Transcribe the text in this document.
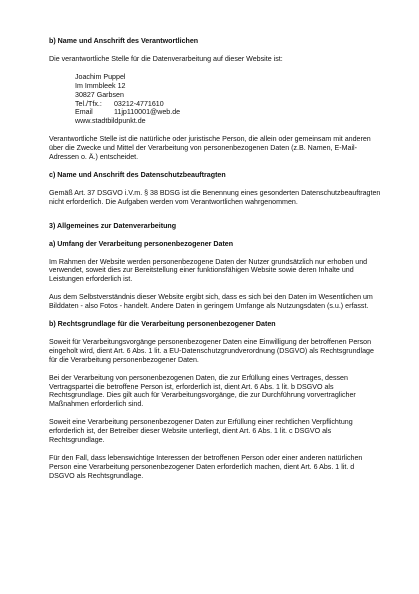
b) Name und Anschrift des Verantwortlichen

Die verantwortliche Stelle für die Datenverarbeitung auf dieser Website ist:

Joachim Puppel
Im Immbleek 12
30827 Garbsen
Tel./Tfx.: 03212-4771610
Email	11jp110001@web.de
www.stadtbildpunkt.de

Verantwortliche Stelle ist die natürliche oder juristische Person, die allein oder gemeinsam mit anderen über die Zwecke und Mittel der Verarbeitung von personenbezogenen Daten (z.B. Namen, E-Mail-Adressen o. Ä.) entscheidet.

c) Name und Anschrift des Datenschutzbeauftragten

Gemäß Art. 37 DSGVO i.V.m. § 38 BDSG ist die Benennung eines gesonderten Datenschutzbeauftragten nicht erforderlich. Die Aufgaben werden vom Verantwortlichen wahrgenommen.

3) Allgemeines zur Datenverarbeitung
a) Umfang der Verarbeitung personenbezogener Daten

Im Rahmen der Website werden personenbezogene Daten der Nutzer grundsätzlich nur erhoben und verwendet, soweit dies zur Bereitstellung einer funktionsfähigen Website sowie deren Inhalte und Leistungen erforderlich ist.

Aus dem Selbstverständnis dieser Website ergibt sich, dass es sich bei den Daten im Wesentlichen um Bilddaten - also Fotos - handelt. Andere Daten in geringem Umfange als Nutzungsdaten (s.u.) erfasst.

b) Rechtsgrundlage für die Verarbeitung personenbezogener Daten

Soweit für Verarbeitungsvorgänge personenbezogener Daten eine Einwilligung der betroffenen Person eingeholt wird, dient Art. 6 Abs. 1 lit. a EU-Datenschutzgrundverordnung (DSGVO) als Rechtsgrundlage für die Verarbeitung personenbezogener Daten.

Bei der Verarbeitung von personenbezogenen Daten, die zur Erfüllung eines Vertrages, dessen Vertragspartei die betroffene Person ist, erforderlich ist, dient Art. 6 Abs. 1 lit. b DSGVO als Rechtsgrundlage. Dies gilt auch für Verarbeitungsvorgänge, die zur Durchführung vorvertraglicher Maßnahmen erforderlich sind.

Soweit eine Verarbeitung personenbezogener Daten zur Erfüllung einer rechtlichen Verpflichtung erforderlich ist, der Betreiber dieser Website unterliegt, dient Art. 6 Abs. 1 lit. c DSGVO als Rechtsgrundlage.

Für den Fall, dass lebenswichtige Interessen der betroffenen Person oder einer anderen natürlichen Person eine Verarbeitung personenbezogener Daten erforderlich machen, dient Art. 6 Abs. 1 lit. d DSGVO als Rechtsgrundlage.
